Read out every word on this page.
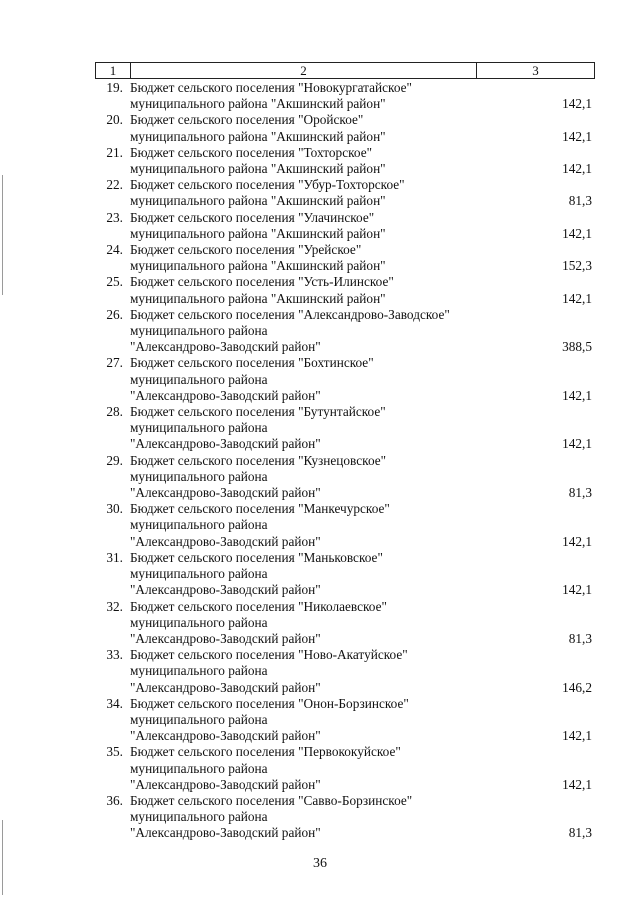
1	2	3
19. Бюджет сельского поселения "Новокургатайское"
муниципального района "Акшинский район"	142,1
20. Бюджет сельского поселения "Оройское"
муниципального района "Акшинский район"	142,1
21. Бюджет сельского поселения "Тохторское"
муниципального района "Акшинский район"	142,1
22. Бюджет сельского поселения "Убур-Тохторское"
муниципального района "Акшинский район"	81,3
23. Бюджет сельского поселения "Улачинское"
муниципального района "Акшинский район"	142,1
24. Бюджет сельского поселения "Урейское"
муниципального района "Акшинский район"	152,3
25. Бюджет сельского поселения "Усть-Илинское"
муниципального района "Акшинский район"	142,1
26. Бюджет сельского поселения "Александрово-Заводское"
муниципального района
"Александрово-Заводский район"	388,5
27. Бюджет сельского поселения "Бохтинское"
муниципального района
"Александрово-Заводский район"	142,1
28. Бюджет сельского поселения "Бутунтайское"
муниципального района
"Александрово-Заводский район"	142,1
29. Бюджет сельского поселения "Кузнецовское"
муниципального района
"Александрово-Заводский район"	81,3
30. Бюджет сельского поселения "Манкечурское"
муниципального района
"Александрово-Заводский район"	142,1
31. Бюджет сельского поселения "Маньковское"
муниципального района
"Александрово-Заводский район"	142,1
32. Бюджет сельского поселения "Николаевское"
муниципального района
"Александрово-Заводский район"	81,3
33. Бюджет сельского поселения "Ново-Акатуйское"
муниципального района
"Александрово-Заводский район"	146,2
34. Бюджет сельского поселения "Онон-Борзинское"
муниципального района
"Александрово-Заводский район"	142,1
35. Бюджет сельского поселения "Первококуйское"
муниципального района
"Александрово-Заводский район"	142,1
36. Бюджет сельского поселения "Савво-Борзинское"
муниципального района
"Александрово-Заводский район"	81,3
36
